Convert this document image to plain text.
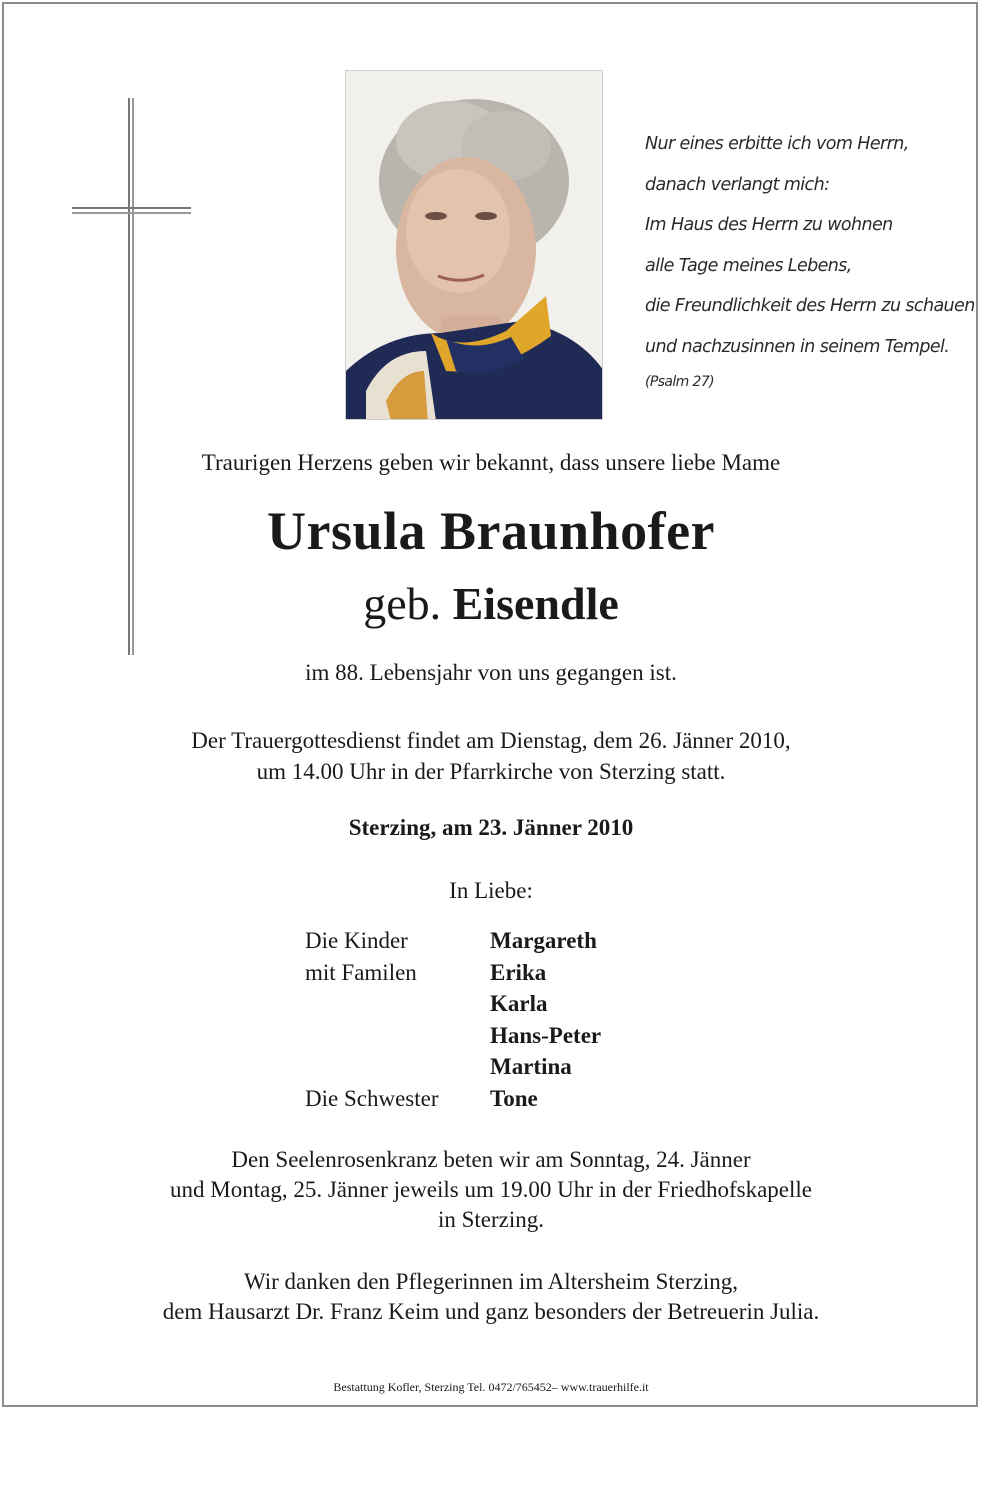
Nur eines erbitte ich vom Herrn,
danach verlangt mich:
Im Haus des Herrn zu wohnen
alle Tage meines Lebens,
die Freundlichkeit des Herrn zu schauen
und nachzusinnen in seinem Tempel.
(Psalm 27)
Traurigen Herzens geben wir bekannt, dass unsere liebe Mame
Ursula Braunhofer
geb. Eisendle
im 88. Lebensjahr von uns gegangen ist.
Der Trauergottesdienst findet am Dienstag, dem 26. Jänner 2010,
um 14.00 Uhr in der Pfarrkirche von Sterzing statt.
Sterzing, am 23. Jänner 2010
In Liebe:
Die Kinder	Margareth
mit Familen	Erika
Karla
Hans-Peter
Martina
Die Schwester Tone
Den Seelenrosenkranz beten wir am Sonntag, 24. Jänner
und Montag, 25. Jänner jeweils um 19.00 Uhr in der Friedhofskapelle
in Sterzing.
Wir danken den Pflegerinnen im Altersheim Sterzing,
dem Hausarzt Dr. Franz Keim und ganz besonders der Betreuerin Julia.
Bestattung Kofler, Sterzing Tel. 0472/765452– www.trauerhilfe.it
